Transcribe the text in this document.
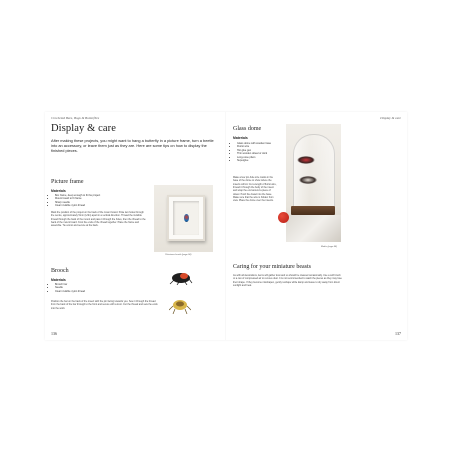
Crocheted Bees, Bugs & Butterflies
Display & care

After making these projects, you might want to hang a butterfly in a picture frame, turn a beetle into an accessory, or leave them just as they are. Here are some tips on how to display the finished pieces.

Picture frame
Materials
• Box frame, deep enough to fit the project
• Mount board to fit frame
• Sharp needle
• Clear invisible nylon thread

Mark the position of the project on the back of the mount board. Poke two holes through the centre, approximately 5mm (1/4in) apart in a vertical direction. Thread the invisible thread through the back of the mount and pass it through the holes, then the thread to the back of the mount board. Knot the ends of the thread together. Place the frame and assemble. Tie a knot and secure at the back.

Christmas beetle (page 50)
Brooch
Materials
• Brooch bar
• Needle
• Clear invisible nylon thread

Position the bar on the back of the insect with the pin facing towards you. Sew it through the thread from the back of the bar through to the front and secure with a knot. Cut the thread and sew the ends into the work.

136
Display & care
Glass dome
Materials
• Glass dome with wooden base
• Florist wire
• Hot glue gun
• Thin wooden dowel or stick
• Long-nose pliers
• Superglue

Make a few pin-hole size marks in the base of the dome to show where the insects will sit. Cut a length of florist wire, thread it through the body of the insect and wrap the end around a piece of dowel. Push the dowel into the base. Make sure that the wire is hidden from view. Place the dome over the insects.

Moths (page 56)
Caring for your miniature beasts

As with all decorations, items will gather dust and so should be cleaned occasionally. Use a soft brush or a can of compressed air to remove dust. It is not recommended to wash the pieces as they may lose their shape. If they become misshapen, gently reshape while damp and leave to dry away from direct sunlight and heat.

137
